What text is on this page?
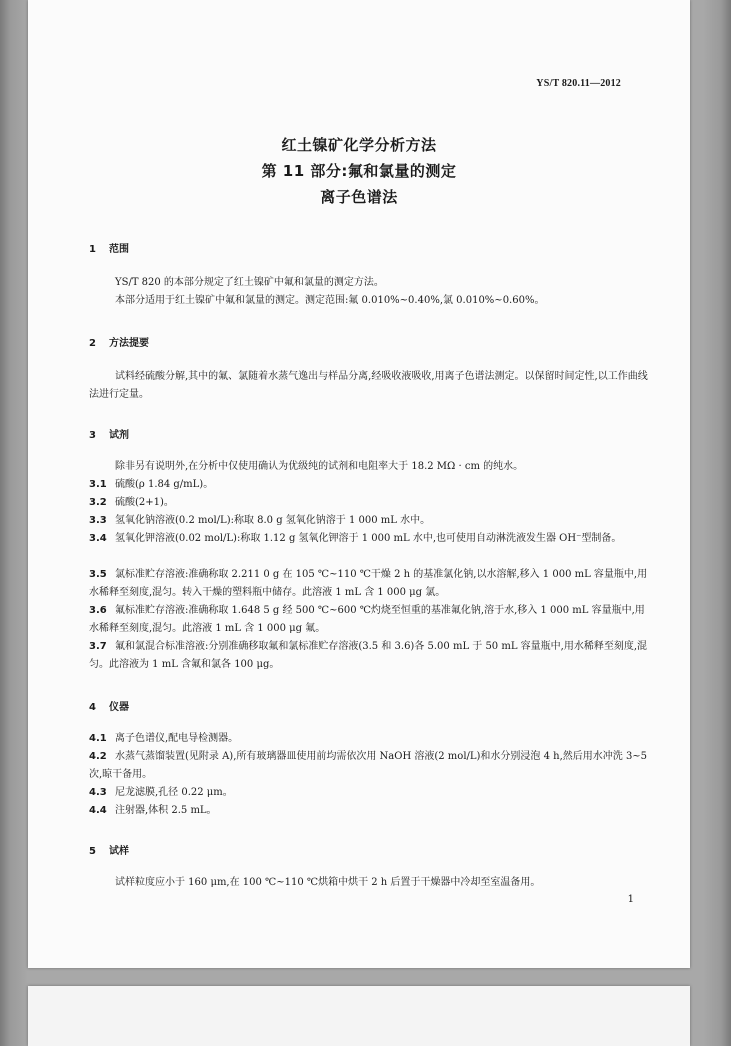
YS/T 820.11—2012
红土镍矿化学分析方法
第 11 部分:氟和氯量的测定
离子色谱法
1 范围
YS/T 820 的本部分规定了红土镍矿中氟和氯量的测定方法。
本部分适用于红土镍矿中氟和氯量的测定。测定范围:氟 0.010%~0.40%,氯 0.010%~0.60%。
2 方法提要
试料经硫酸分解,其中的氟、氯随着水蒸气逸出与样品分离,经吸收液吸收,用离子色谱法测定。以保留时间定性,以工作曲线法进行定量。
3 试剂
除非另有说明外,在分析中仅使用确认为优级纯的试剂和电阻率大于 18.2 MΩ · cm 的纯水。
3.1 硫酸(ρ 1.84 g/mL)。
3.2 硫酸(2+1)。
3.3 氢氧化钠溶液(0.2 mol/L):称取 8.0 g 氢氧化钠溶于 1 000 mL 水中。
3.4 氢氧化钾溶液(0.02 mol/L):称取 1.12 g 氢氧化钾溶于 1 000 mL 水中,也可使用自动淋洗液发生器 OH⁻型制备。
3.5 氯标准贮存溶液:准确称取 2.211 0 g 在 105 ℃~110 ℃干燥 2 h 的基准氯化钠,以水溶解,移入 1 000 mL 容量瓶中,用水稀释至刻度,混匀。转入干燥的塑料瓶中储存。此溶液 1 mL 含 1 000 μg 氯。
3.6 氟标准贮存溶液:准确称取 1.648 5 g 经 500 ℃~600 ℃灼烧至恒重的基准氟化钠,溶于水,移入 1 000 mL 容量瓶中,用水稀释至刻度,混匀。此溶液 1 mL 含 1 000 μg 氟。
3.7 氟和氯混合标准溶液:分别准确移取氟和氯标准贮存溶液(3.5 和 3.6)各 5.00 mL 于 50 mL 容量瓶中,用水稀释至刻度,混匀。此溶液为 1 mL 含氟和氯各 100 μg。
4 仪器
4.1 离子色谱仪,配电导检测器。
4.2 水蒸气蒸馏装置(见附录 A),所有玻璃器皿使用前均需依次用 NaOH 溶液(2 mol/L)和水分别浸泡 4 h,然后用水冲洗 3~5 次,晾干备用。
4.3 尼龙滤膜,孔径 0.22 μm。
4.4 注射器,体积 2.5 mL。
5 试样
试样粒度应小于 160 μm,在 100 ℃~110 ℃烘箱中烘干 2 h 后置于干燥器中冷却至室温备用。
1
